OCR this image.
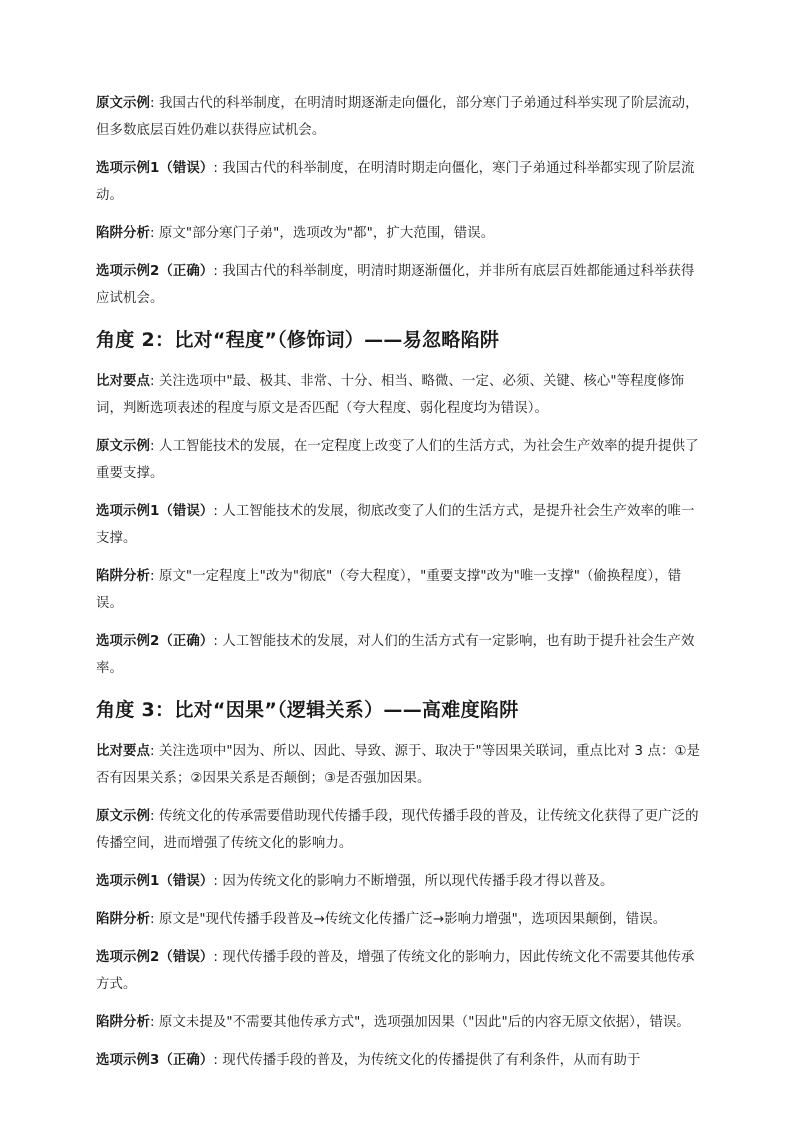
原文示例: 我国古代的科举制度，在明清时期逐渐走向僵化，部分寒门子弟通过科举实现了阶层流动，但多数底层百姓仍难以获得应试机会。

选项示例1（错误）: 我国古代的科举制度，在明清时期走向僵化，寒门子弟通过科举都实现了阶层流动。

陷阱分析: 原文"部分寒门子弟"，选项改为"都"，扩大范围，错误。

选项示例2（正确）: 我国古代的科举制度，明清时期逐渐僵化，并非所有底层百姓都能通过科举获得应试机会。

角度 2：比对“程度”（修饰词）——易忽略陷阱

比对要点: 关注选项中"最、极其、非常、十分、相当、略微、一定、必须、关键、核心"等程度修饰词，判断选项表述的程度与原文是否匹配（夸大程度、弱化程度均为错误）。

原文示例: 人工智能技术的发展，在一定程度上改变了人们的生活方式，为社会生产效率的提升提供了重要支撑。

选项示例1（错误）: 人工智能技术的发展，彻底改变了人们的生活方式，是提升社会生产效率的唯一支撑。

陷阱分析: 原文"一定程度上"改为"彻底"（夸大程度），"重要支撑"改为"唯一支撑"（偷换程度），错误。

选项示例2（正确）: 人工智能技术的发展，对人们的生活方式有一定影响，也有助于提升社会生产效率。

角度 3：比对“因果”（逻辑关系）——高难度陷阱

比对要点: 关注选项中"因为、所以、因此、导致、源于、取决于"等因果关联词，重点比对 3 点：①是否有因果关系；②因果关系是否颠倒；③是否强加因果。

原文示例: 传统文化的传承需要借助现代传播手段，现代传播手段的普及，让传统文化获得了更广泛的传播空间，进而增强了传统文化的影响力。

选项示例1（错误）: 因为传统文化的影响力不断增强，所以现代传播手段才得以普及。

陷阱分析: 原文是"现代传播手段普及→传统文化传播广泛→影响力增强"，选项因果颠倒，错误。

选项示例2（错误）: 现代传播手段的普及，增强了传统文化的影响力，因此传统文化不需要其他传承方式。

陷阱分析: 原文未提及"不需要其他传承方式"，选项强加因果（"因此"后的内容无原文依据），错误。

选项示例3（正确）: 现代传播手段的普及，为传统文化的传播提供了有利条件，从而有助于
